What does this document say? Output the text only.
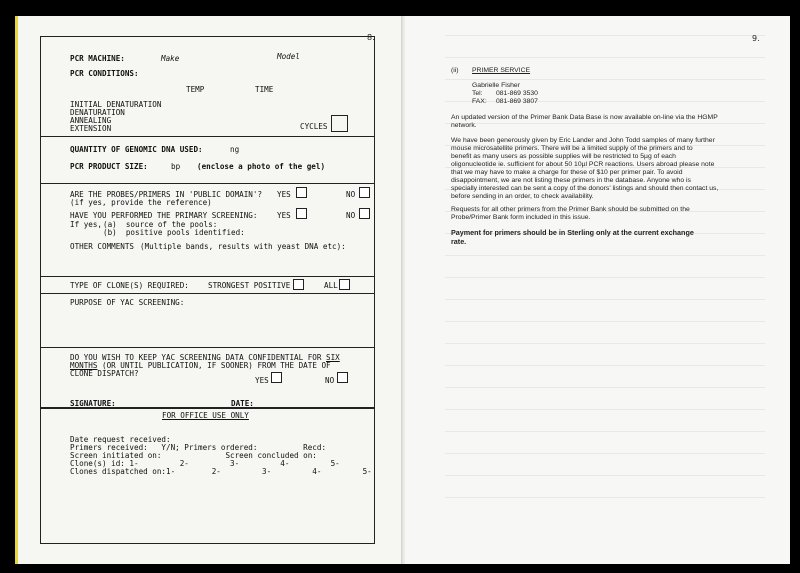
8.
PCR MACHINE:	Make	Model
PCR CONDITIONS:
TEMP	TIME
INITIAL DENATURATION
DENATURATION
ANNEALING
EXTENSION	CYCLES
QUANTITY OF GENOMIC DNA USED:	ng
PCR PRODUCT SIZE:	bp (enclose a photo of the gel)
ARE THE PROBES/PRIMERS IN 'PUBLIC DOMAIN'? YES	NO
(if yes, provide the reference)
HAVE YOU PERFORMED THE PRIMARY SCREENING:	YES	NO
If yes, (a)  source of the pools:
(b)  positive pools identified:
OTHER COMMENTS (Multiple bands, results with yeast DNA etc):
TYPE OF CLONE(S) REQUIRED:	STRONGEST POSITIVE	ALL
PURPOSE OF YAC SCREENING:
DO YOU WISH TO KEEP YAC SCREENING DATA CONFIDENTIAL FOR SIX
MONTHS (OR UNTIL PUBLICATION, IF SOONER) FROM THE DATE OF
CLONE DISPATCH?
YES	NO
SIGNATURE:	DATE:
FOR OFFICE USE ONLY
Date request received:
Primers received:   Y/N; Primers ordered:          Recd:
Screen initiated on:              Screen concluded on:
Clone(s) id: 1-         2-         3-         4-         5-
Clones dispatched on:1-        2-         3-         4-         5-
9.
(ii) PRIMER SERVICE
Gabrielle Fisher
Tel: 081-869 3530
FAX: 081-869 3807
An updated version of the Primer Bank Data Base is now available on-line via the HGMP
network.
We have been generously given by Eric Lander and John Todd samples of many further
mouse microsatellite primers. There will be a limited supply of the primers and to
benefit as many users as possible supplies will be restricted to 5µg of each
oligonucleotide ie. sufficient for about 50 10µl PCR reactions. Users abroad please note
that we may have to make a charge for these of $10 per primer pair. To avoid
disappointment, we are not listing these primers in the database. Anyone who is
specially interested can be sent a copy of the donors' listings and should then contact us,
before sending in an order, to check availability.
Requests for all other primers from the Primer Bank should be submitted on the
Probe/Primer Bank form included in this issue.
Payment for primers should be in Sterling only at the current exchange
rate.
